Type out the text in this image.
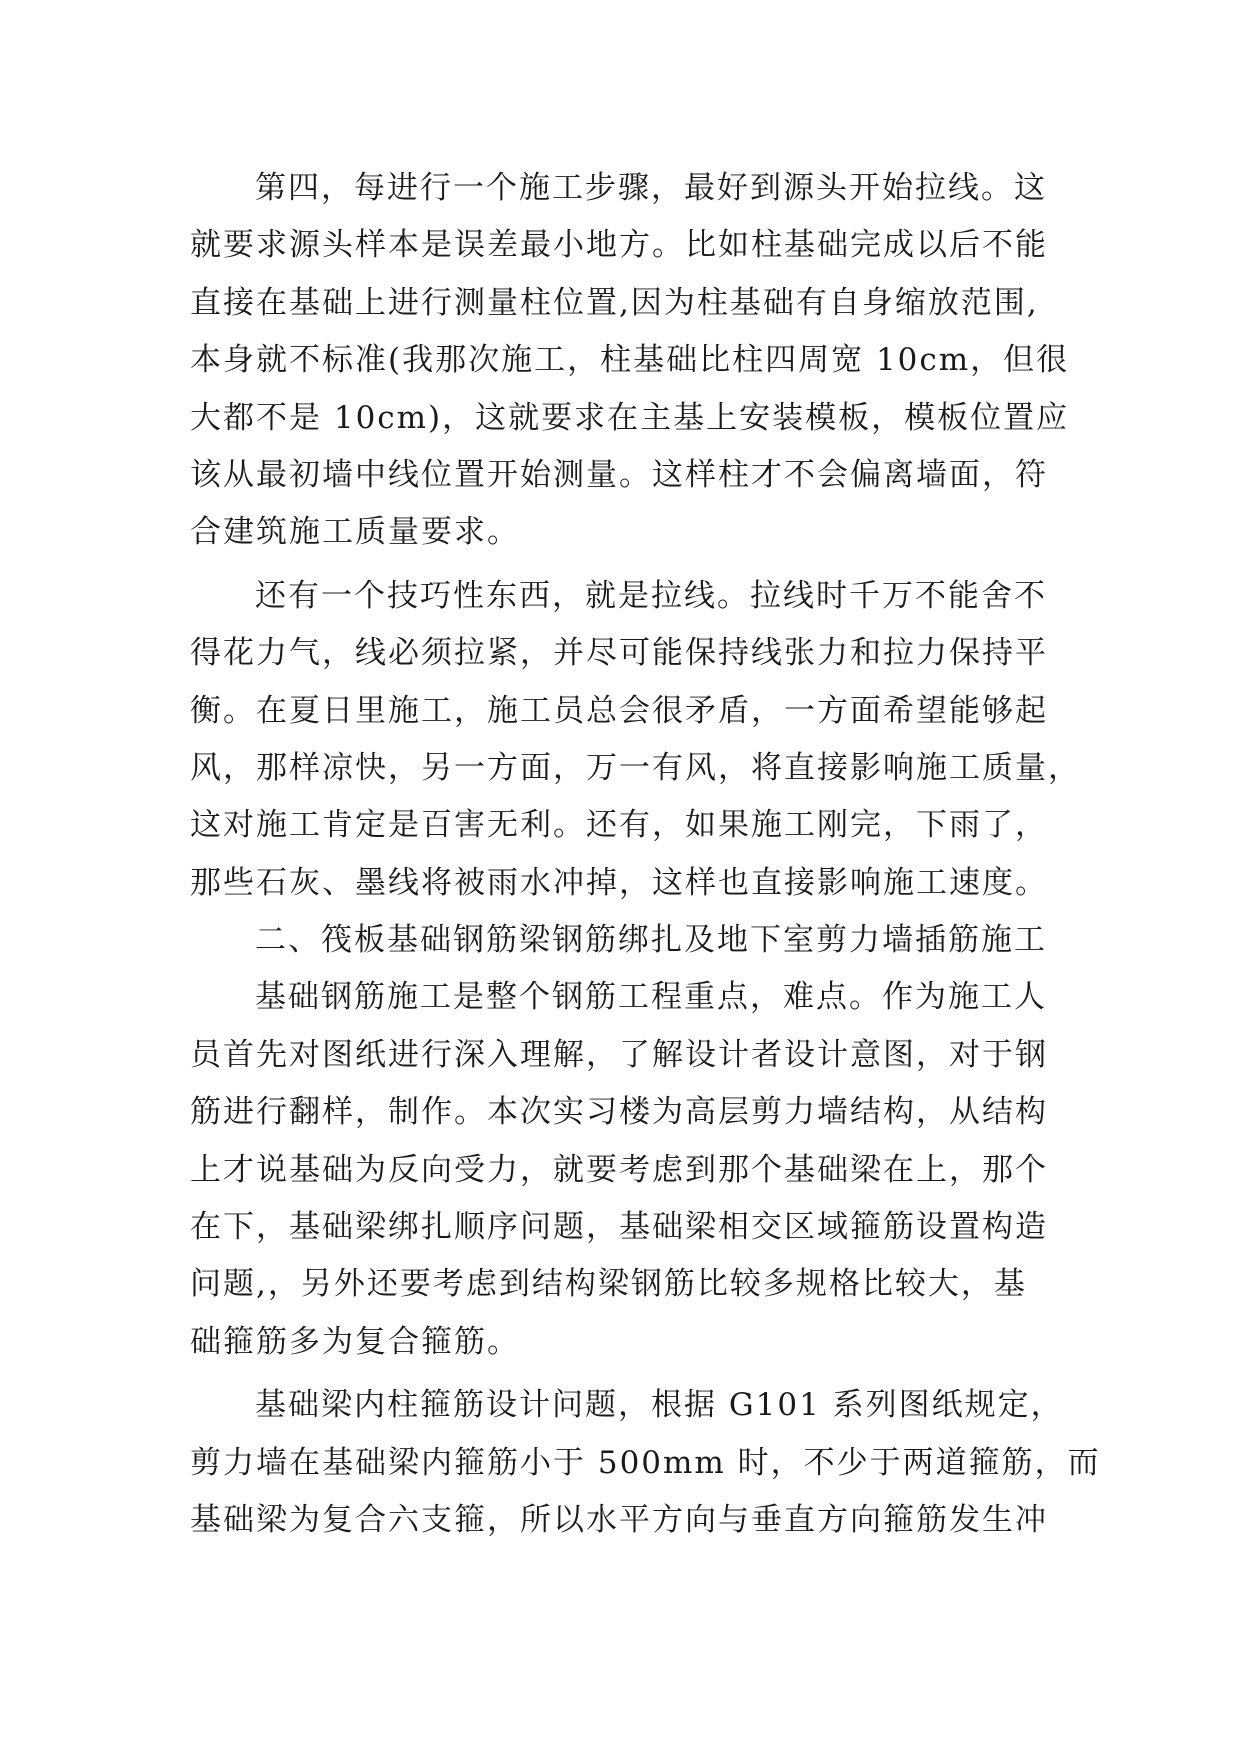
第四，每进行一个施工步骤，最好到源头开始拉线。这
就要求源头样本是误差最小地方。比如柱基础完成以后不能
直接在基础上进行测量柱位置,因为柱基础有自身缩放范围,
本身就不标准(我那次施工，柱基础比柱四周宽 10cm，但很
大都不是 10cm)，这就要求在主基上安装模板，模板位置应
该从最初墙中线位置开始测量。这样柱才不会偏离墙面，符
合建筑施工质量要求。
还有一个技巧性东西，就是拉线。拉线时千万不能舍不
得花力气，线必须拉紧，并尽可能保持线张力和拉力保持平
衡。在夏日里施工，施工员总会很矛盾，一方面希望能够起
风，那样凉快，另一方面，万一有风，将直接影响施工质量，
这对施工肯定是百害无利。还有，如果施工刚完，下雨了，
那些石灰、墨线将被雨水冲掉，这样也直接影响施工速度。
二、筏板基础钢筋梁钢筋绑扎及地下室剪力墙插筋施工
基础钢筋施工是整个钢筋工程重点，难点。作为施工人
员首先对图纸进行深入理解，了解设计者设计意图，对于钢
筋进行翻样，制作。本次实习楼为高层剪力墙结构，从结构
上才说基础为反向受力，就要考虑到那个基础梁在上，那个
在下，基础梁绑扎顺序问题，基础梁相交区域箍筋设置构造
问题,，另外还要考虑到结构梁钢筋比较多规格比较大，基
础箍筋多为复合箍筋。
基础梁内柱箍筋设计问题，根据 G101 系列图纸规定，
剪力墙在基础梁内箍筋小于 500mm 时，不少于两道箍筋，而
基础梁为复合六支箍，所以水平方向与垂直方向箍筋发生冲
